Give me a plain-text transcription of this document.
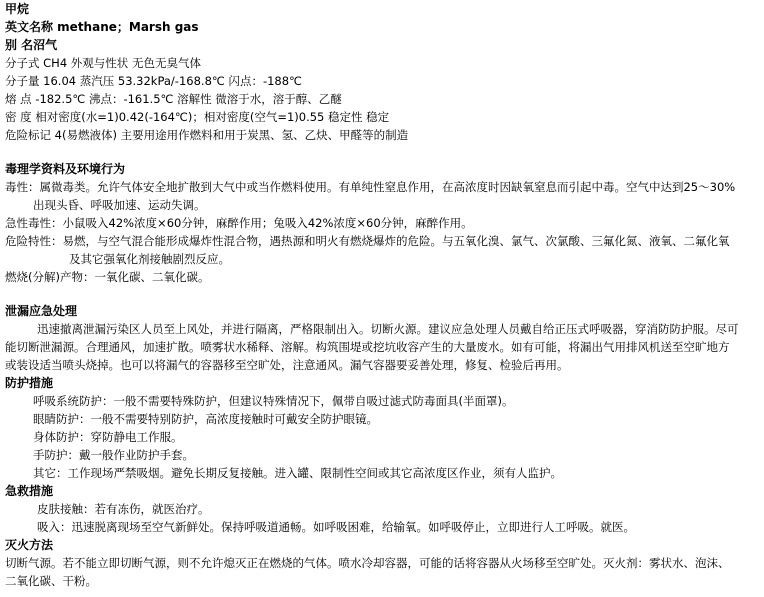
甲烷
英文名称 methane；Marsh gas
别 名沼气
分子式 CH4 外观与性状 无色无臭气体
分子量 16.04 蒸汽压 53.32kPa/-168.8℃ 闪点：-188℃
熔 点 -182.5℃ 沸点：-161.5℃ 溶解性 微溶于水，溶于醇、乙醚
密 度 相对密度(水=1)0.42(-164℃)；相对密度(空气=1)0.55 稳定性 稳定
危险标记 4(易燃液体) 主要用途用作燃料和用于炭黑、氢、乙炔、甲醛等的制造
毒理学资料及环境行为
毒性：属微毒类。允许气体安全地扩散到大气中或当作燃料使用。有单纯性窒息作用，在高浓度时因缺氧窒息而引起中毒。空气中达到25～30%
出现头昏、呼吸加速、运动失调。
急性毒性：小鼠吸入42%浓度×60分钟，麻醉作用；兔吸入42%浓度×60分钟，麻醉作用。
危险特性：易燃，与空气混合能形成爆炸性混合物，遇热源和明火有燃烧爆炸的危险。与五氧化溴、氯气、次氯酸、三氟化氮、液氧、二氟化氧
及其它强氧化剂接触剧烈反应。
燃烧(分解)产物：一氧化碳、二氧化碳。
泄漏应急处理
迅速撤离泄漏污染区人员至上风处，并进行隔离，严格限制出入。切断火源。建议应急处理人员戴自给正压式呼吸器，穿消防防护服。尽可
能切断泄漏源。合理通风，加速扩散。喷雾状水稀释、溶解。构筑围堤或挖坑收容产生的大量废水。如有可能，将漏出气用排风机送至空旷地方
或装设适当喷头烧掉。也可以将漏气的容器移至空旷处，注意通风。漏气容器要妥善处理，修复、检验后再用。
防护措施
呼吸系统防护：一般不需要特殊防护，但建议特殊情况下，佩带自吸过滤式防毒面具(半面罩)。
眼睛防护：一般不需要特别防护，高浓度接触时可戴安全防护眼镜。
身体防护：穿防静电工作服。
手防护：戴一般作业防护手套。
其它：工作现场严禁吸烟。避免长期反复接触。进入罐、限制性空间或其它高浓度区作业，须有人监护。
急救措施
皮肤接触：若有冻伤，就医治疗。
吸入：迅速脱离现场至空气新鲜处。保持呼吸道通畅。如呼吸困难，给输氧。如呼吸停止，立即进行人工呼吸。就医。
灭火方法
切断气源。若不能立即切断气源，则不允许熄灭正在燃烧的气体。喷水冷却容器，可能的话将容器从火场移至空旷处。灭火剂：雾状水、泡沫、
二氧化碳、干粉。
